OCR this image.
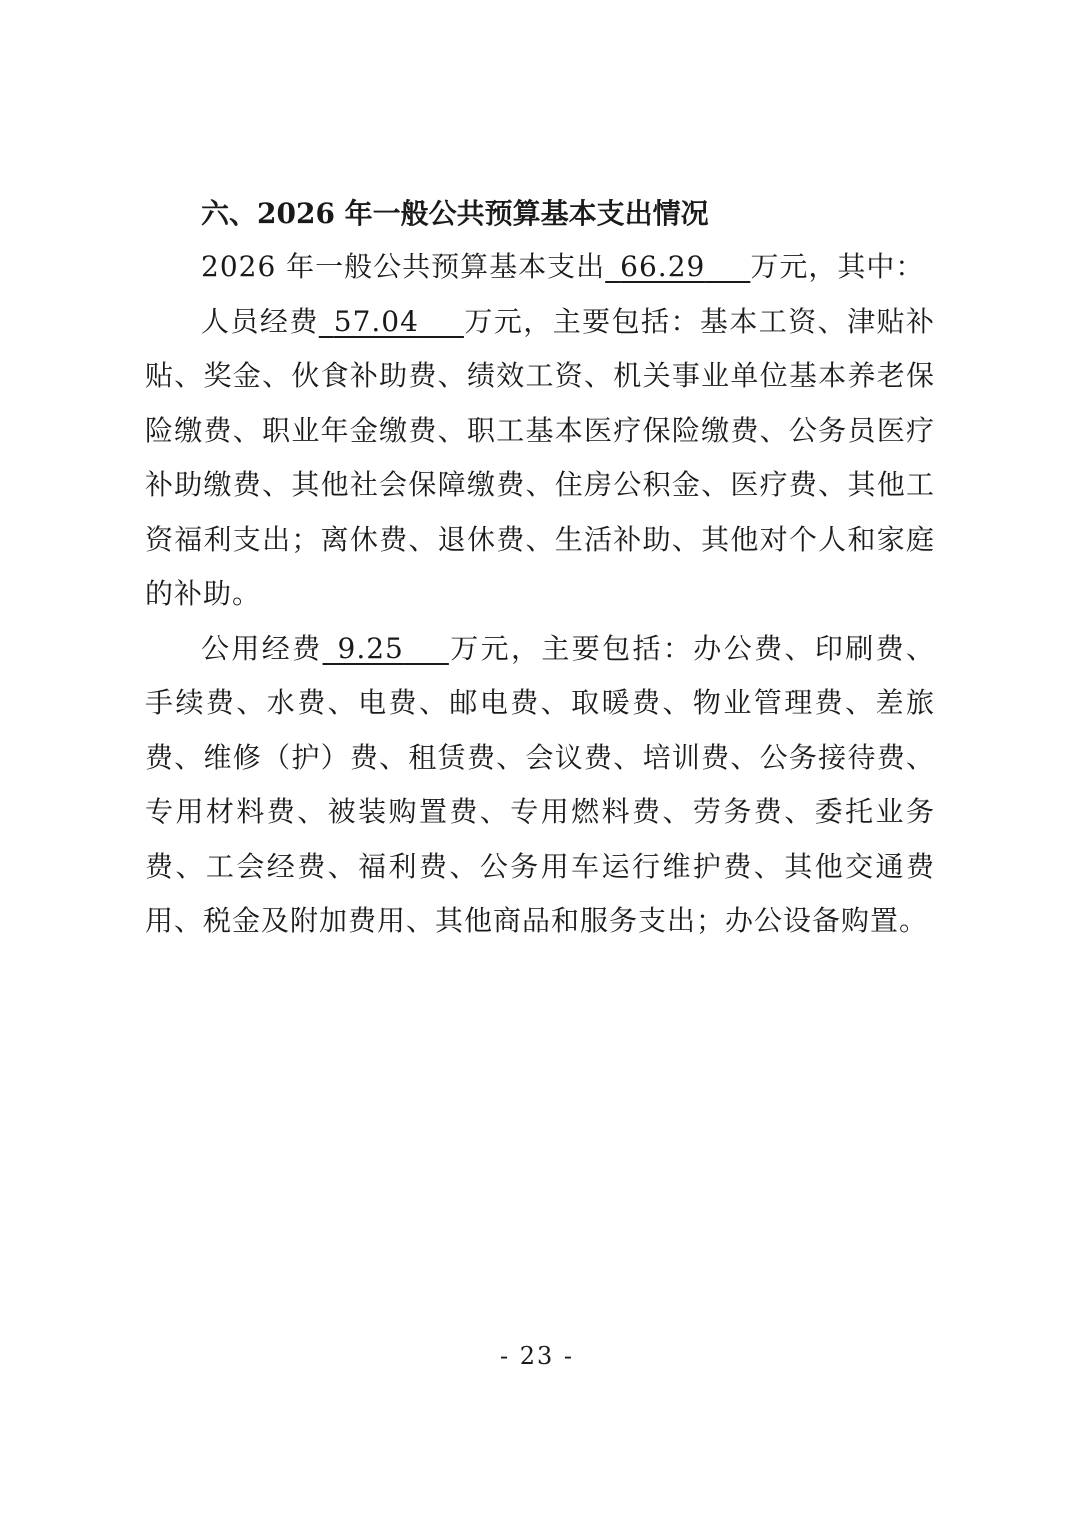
六、2026 年一般公共预算基本支出情况

2026 年一般公共预算基本支出  66.29    万元，其中：

人员经费  57.04    万元，主要包括：基本工资、津贴补贴、奖金、伙食补助费、绩效工资、机关事业单位基本养老保险缴费、职业年金缴费、职工基本医疗保险缴费、公务员医疗补助缴费、其他社会保障缴费、住房公积金、医疗费、其他工资福利支出；离休费、退休费、生活补助、其他对个人和家庭的补助。

公用经费  9.25    万元，主要包括：办公费、印刷费、手续费、水费、电费、邮电费、取暖费、物业管理费、差旅费、维修（护）费、租赁费、会议费、培训费、公务接待费、专用材料费、被装购置费、专用燃料费、劳务费、委托业务费、工会经费、福利费、公务用车运行维护费、其他交通费用、税金及附加费用、其他商品和服务支出；办公设备购置。

- 23 -
